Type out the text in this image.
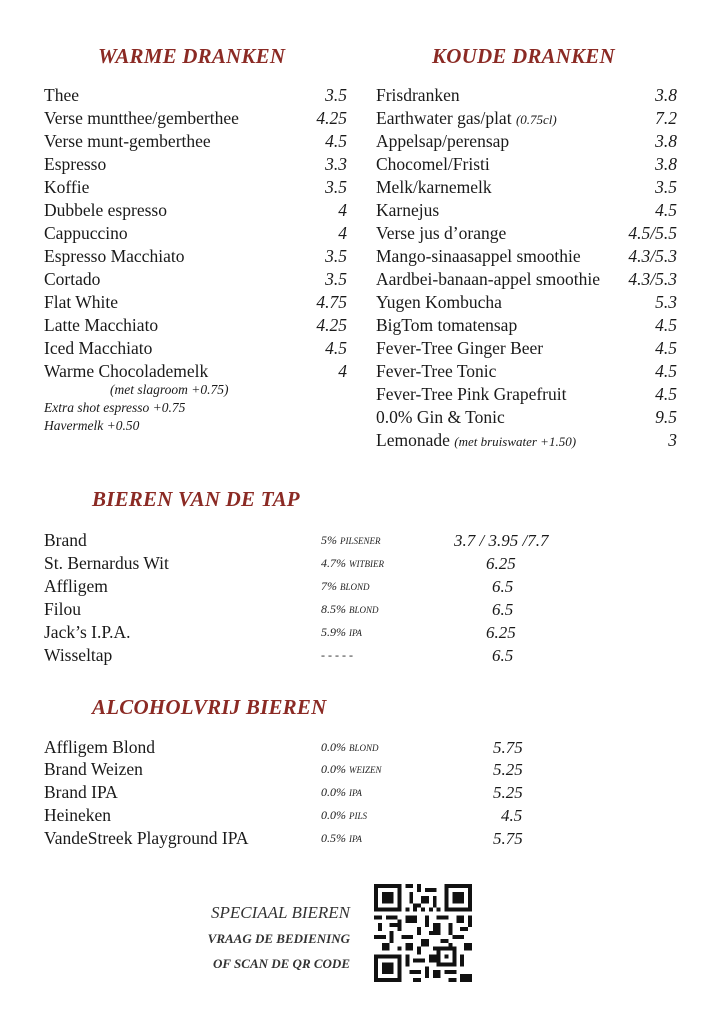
WARME DRANKEN	KOUDE DRANKEN
BIEREN VAN DE TAP
ALCOHOLVRIJ BIEREN
Thee	3.5
Verse muntthee/gemberthee	4.25
Verse munt-gemberthee	4.5
Espresso	3.3
Koffie	3.5
Dubbele espresso	4
Cappuccino	4
Espresso Macchiato	3.5
Cortado	3.5
Flat White	4.75
Latte Macchiato	4.25
Iced Macchiato	4.5
Warme Chocolademelk	4
(met slagroom +0.75)
Extra shot espresso +0.75
Havermelk +0.50
Frisdranken	3.8
Earthwater gas/plat (0.75cl)	7.2
Appelsap/perensap	3.8
Chocomel/Fristi	3.8
Melk/karnemelk	3.5
Karnejus	4.5
Verse jus d’orange	4.5/5.5
Mango-sinaasappel smoothie	4.3/5.3
Aardbei-banaan-appel smoothie 4.3/5.3
Yugen Kombucha	5.3
BigTom tomatensap	4.5
Fever-Tree Ginger Beer	4.5
Fever-Tree Tonic	4.5
Fever-Tree Pink Grapefruit	4.5
0.0% Gin & Tonic	9.5
Lemonade (met bruiswater +1.50)	3
Brand	5% pilsener	3.7 / 3.95 /7.7
St. Bernardus Wit	4.7% witbier	6.25
Affligem	7% blond	6.5
Filou	8.5% blond	6.5
Jack’s I.P.A.	5.9% ipa	6.25
Wisseltap	- - - - -	6.5
Affligem Blond	0.0% blond	5.75
Brand Weizen	0.0% weizen	5.25
Brand IPA	0.0% ipa	5.25
Heineken	0.0% pils	4.5
VandeStreek Playground IPA	0.5% ipa	5.75
SPECIAAL BIEREN
VRAAG DE BEDIENING
OF SCAN DE QR CODE
